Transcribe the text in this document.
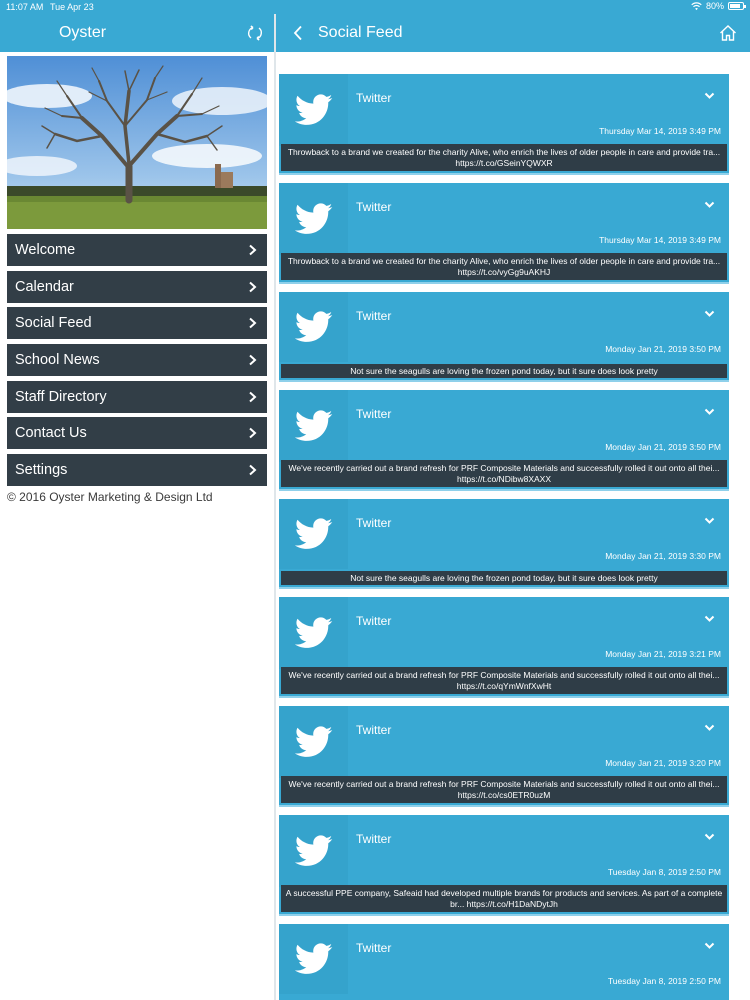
11:07 AM Tue Apr 23	80%
Oyster
Welcome
Calendar
Social Feed
School News
Staff Directory
Contact Us
Settings
© 2016 Oyster Marketing & Design Ltd
Social Feed
Twitter
Thursday Mar 14, 2019 3:49 PM
Throwback to a brand we created for the charity Alive, who enrich the lives of older people in care and provide tra... https://t.co/GSeinYQWXR
Twitter
Thursday Mar 14, 2019 3:49 PM
Throwback to a brand we created for the charity Alive, who enrich the lives of older people in care and provide tra... https://t.co/vyGg9uAKHJ
Twitter
Monday Jan 21, 2019 3:50 PM
Not sure the seagulls are loving the frozen pond today, but it sure does look pretty
Twitter
Monday Jan 21, 2019 3:50 PM
We've recently carried out a brand refresh for PRF Composite Materials and successfully rolled it out onto all thei... https://t.co/NDibw8XAXX
Twitter
Monday Jan 21, 2019 3:30 PM
Not sure the seagulls are loving the frozen pond today, but it sure does look pretty
Twitter
Monday Jan 21, 2019 3:21 PM
We've recently carried out a brand refresh for PRF Composite Materials and successfully rolled it out onto all thei... https://t.co/qYmWnfXwHt
Twitter
Monday Jan 21, 2019 3:20 PM
We've recently carried out a brand refresh for PRF Composite Materials and successfully rolled it out onto all thei... https://t.co/cs0ETR0uzM
Twitter
Tuesday Jan 8, 2019 2:50 PM
A successful PPE company, Safeaid had developed multiple brands for products and services. As part of a complete br... https://t.co/H1DaNDytJh
Twitter
Tuesday Jan 8, 2019 2:50 PM
